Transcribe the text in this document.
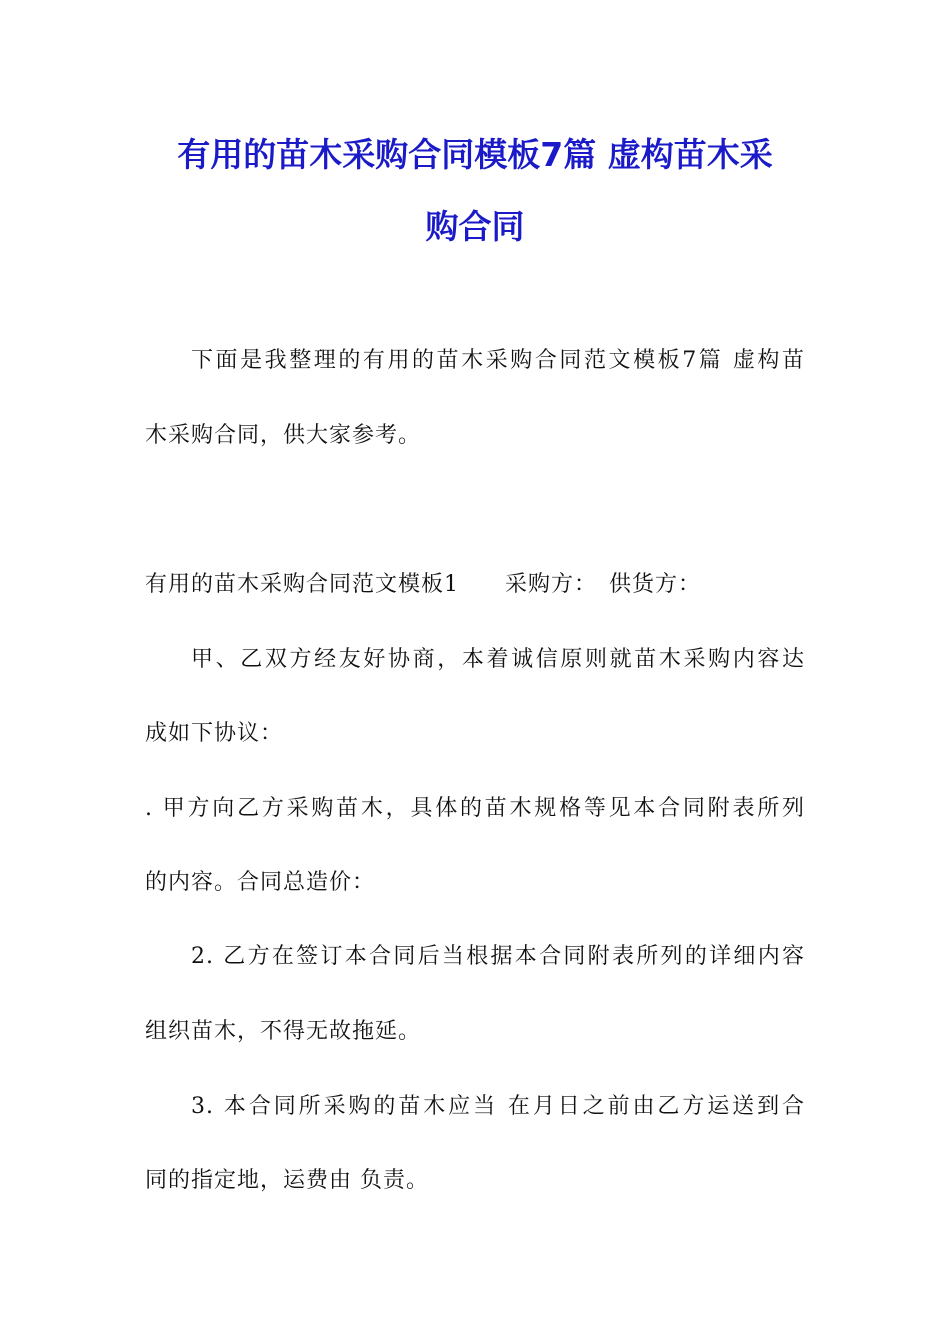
有用的苗木采购合同模板7篇 虚构苗木采
购合同
下面是我整理的有用的苗木采购合同范文模板7篇 虚构苗
木采购合同，供大家参考。
有用的苗木采购合同范文模板1　　采购方：　供货方：
甲、乙双方经友好协商，本着诚信原则就苗木采购内容达
成如下协议：
. 甲方向乙方采购苗木，具体的苗木规格等见本合同附表所列
的内容。合同总造价：
2. 乙方在签订本合同后当根据本合同附表所列的详细内容
组织苗木，不得无故拖延。
3. 本合同所采购的苗木应当 在月日之前由乙方运送到合
同的指定地，运费由 负责。
